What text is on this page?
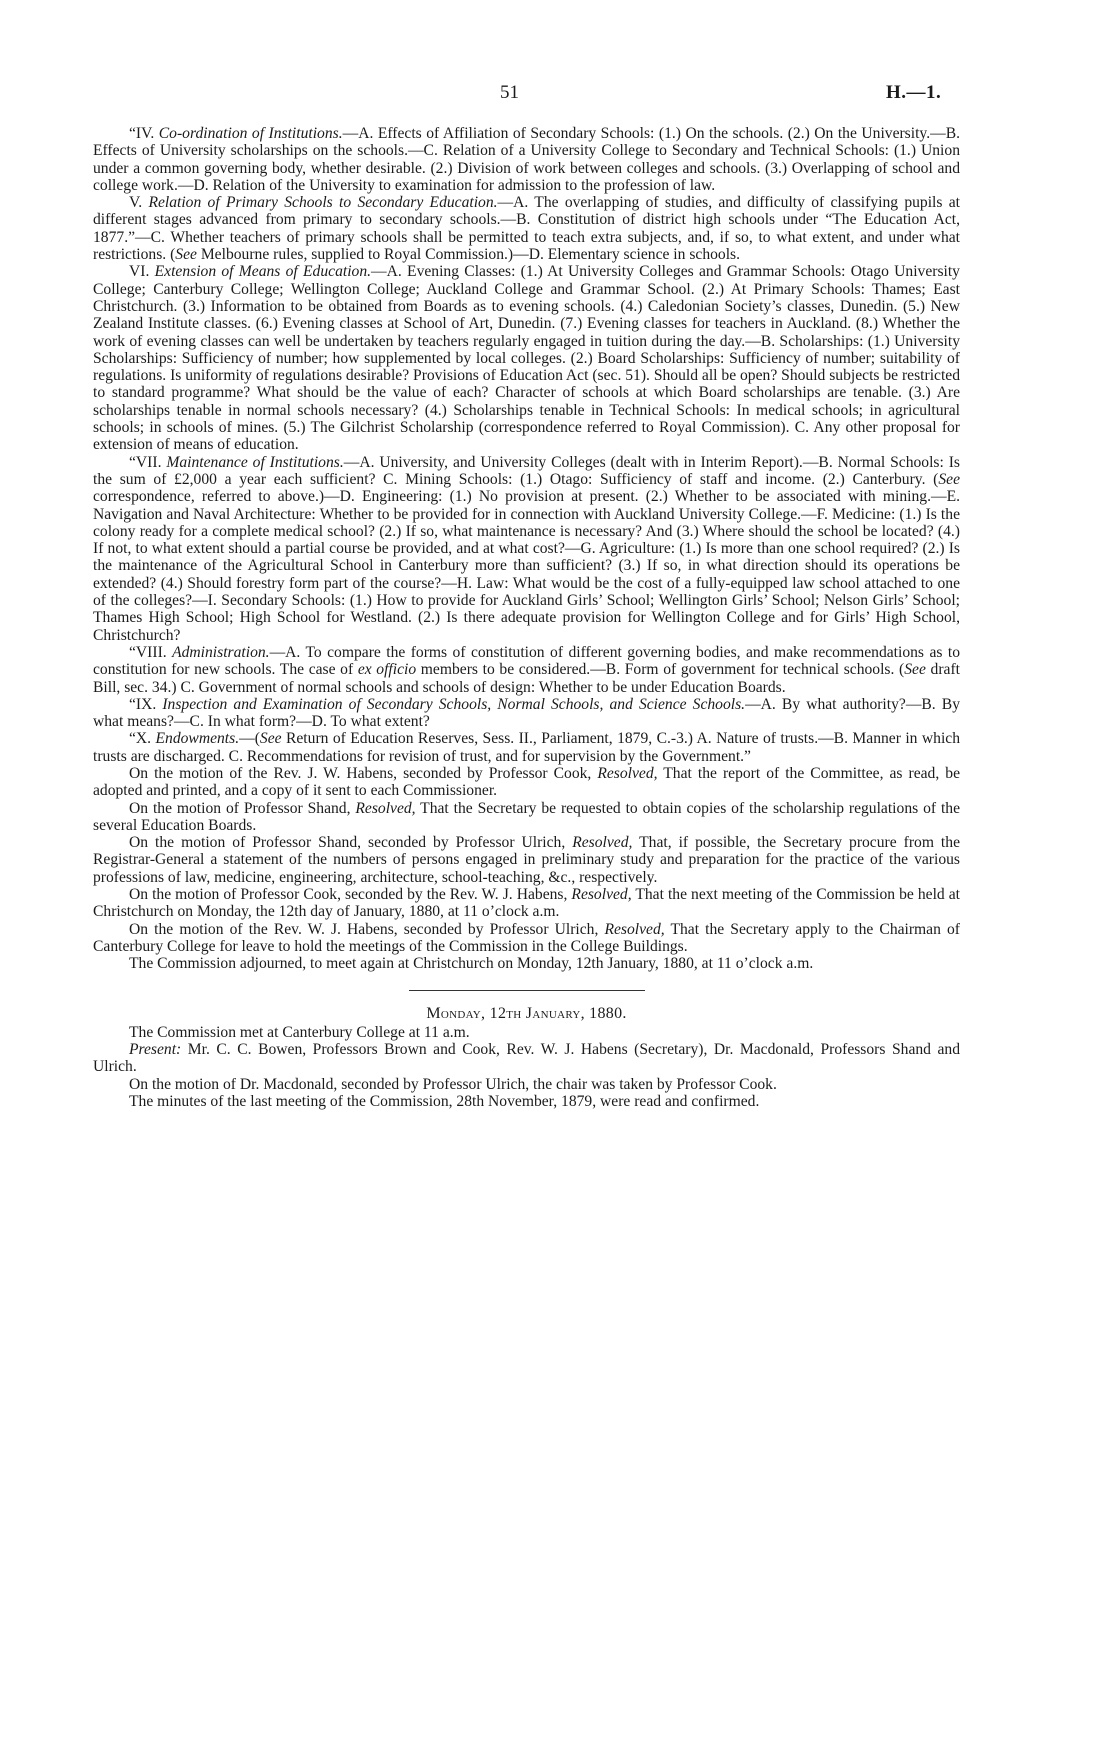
51	H.—1.

“IV. Co-ordination of Institutions.—A. Effects of Affiliation of Secondary Schools: (1.) On the schools. (2.) On the University.—B. Effects of University scholarships on the schools.—C. Relation of a University College to Secondary and Technical Schools: (1.) Union under a common governing body, whether desirable. (2.) Division of work between colleges and schools. (3.) Overlapping of school and college work.—D. Relation of the University to examination for admission to the profession of law.

V. Relation of Primary Schools to Secondary Education.—A. The overlapping of studies, and difficulty of classifying pupils at different stages advanced from primary to secondary schools.—B. Constitution of district high schools under “The Education Act, 1877.”—C. Whether teachers of primary schools shall be permitted to teach extra subjects, and, if so, to what extent, and under what restrictions. (See Melbourne rules, supplied to Royal Commission.)—D. Elementary science in schools.

VI. Extension of Means of Education.—A. Evening Classes: (1.) At University Colleges and Grammar Schools: Otago University College; Canterbury College; Wellington College; Auckland College and Grammar School. (2.) At Primary Schools: Thames; East Christchurch. (3.) Information to be obtained from Boards as to evening schools. (4.) Caledonian Society’s classes, Dunedin. (5.) New Zealand Institute classes. (6.) Evening classes at School of Art, Dunedin. (7.) Evening classes for teachers in Auckland. (8.) Whether the work of evening classes can well be undertaken by teachers regularly engaged in tuition during the day.—B. Scholarships: (1.) University Scholarships: Sufficiency of number; how supplemented by local colleges. (2.) Board Scholarships: Sufficiency of number; suitability of regulations. Is uniformity of regulations desirable? Provisions of Education Act (sec. 51). Should all be open? Should subjects be restricted to standard programme? What should be the value of each? Character of schools at which Board scholarships are tenable. (3.) Are scholarships tenable in normal schools necessary? (4.) Scholarships tenable in Technical Schools: In medical schools; in agricultural schools; in schools of mines. (5.) The Gilchrist Scholarship (correspondence referred to Royal Commission). C. Any other proposal for extension of means of education.

“VII. Maintenance of Institutions.—A. University, and University Colleges (dealt with in Interim Report).—B. Normal Schools: Is the sum of £2,000 a year each sufficient? C. Mining Schools: (1.) Otago: Sufficiency of staff and income. (2.) Canterbury. (See correspondence, referred to above.)—D. Engineering: (1.) No provision at present. (2.) Whether to be associated with mining.—E. Navigation and Naval Architecture: Whether to be provided for in connection with Auckland University College.—F. Medicine: (1.) Is the colony ready for a complete medical school? (2.) If so, what maintenance is necessary? And (3.) Where should the school be located? (4.) If not, to what extent should a partial course be provided, and at what cost?—G. Agriculture: (1.) Is more than one school required? (2.) Is the maintenance of the Agricultural School in Canterbury more than sufficient? (3.) If so, in what direction should its operations be extended? (4.) Should forestry form part of the course?—H. Law: What would be the cost of a fully-equipped law school attached to one of the colleges?—I. Secondary Schools: (1.) How to provide for Auckland Girls’ School; Wellington Girls’ School; Nelson Girls’ School; Thames High School; High School for Westland. (2.) Is there adequate provision for Wellington College and for Girls’ High School, Christchurch?

“VIII. Administration.—A. To compare the forms of constitution of different governing bodies, and make recommendations as to constitution for new schools. The case of ex officio members to be considered.—B. Form of government for technical schools. (See draft Bill, sec. 34.) C. Government of normal schools and schools of design: Whether to be under Education Boards.

“IX. Inspection and Examination of Secondary Schools, Normal Schools, and Science Schools.—A. By what authority?—B. By what means?—C. In what form?—D. To what extent?

“X. Endowments.—(See Return of Education Reserves, Sess. II., Parliament, 1879, C.-3.) A. Nature of trusts.—B. Manner in which trusts are discharged. C. Recommendations for revision of trust, and for supervision by the Government.”

On the motion of the Rev. J. W. Habens, seconded by Professor Cook, Resolved, That the report of the Committee, as read, be adopted and printed, and a copy of it sent to each Commissioner.

On the motion of Professor Shand, Resolved, That the Secretary be requested to obtain copies of the scholarship regulations of the several Education Boards.

On the motion of Professor Shand, seconded by Professor Ulrich, Resolved, That, if possible, the Secretary procure from the Registrar-General a statement of the numbers of persons engaged in preliminary study and preparation for the practice of the various professions of law, medicine, engineering, architecture, school-teaching, &c., respectively.

On the motion of Professor Cook, seconded by the Rev. W. J. Habens, Resolved, That the next meeting of the Commission be held at Christchurch on Monday, the 12th day of January, 1880, at 11 o’clock a.m.

On the motion of the Rev. W. J. Habens, seconded by Professor Ulrich, Resolved, That the Secretary apply to the Chairman of Canterbury College for leave to hold the meetings of the Commission in the College Buildings.

The Commission adjourned, to meet again at Christchurch on Monday, 12th January, 1880, at 11 o’clock a.m.

Monday, 12th January, 1880.

The Commission met at Canterbury College at 11 a.m.

Present: Mr. C. C. Bowen, Professors Brown and Cook, Rev. W. J. Habens (Secretary), Dr. Macdonald, Professors Shand and Ulrich.

On the motion of Dr. Macdonald, seconded by Professor Ulrich, the chair was taken by Professor Cook.

The minutes of the last meeting of the Commission, 28th November, 1879, were read and confirmed.
